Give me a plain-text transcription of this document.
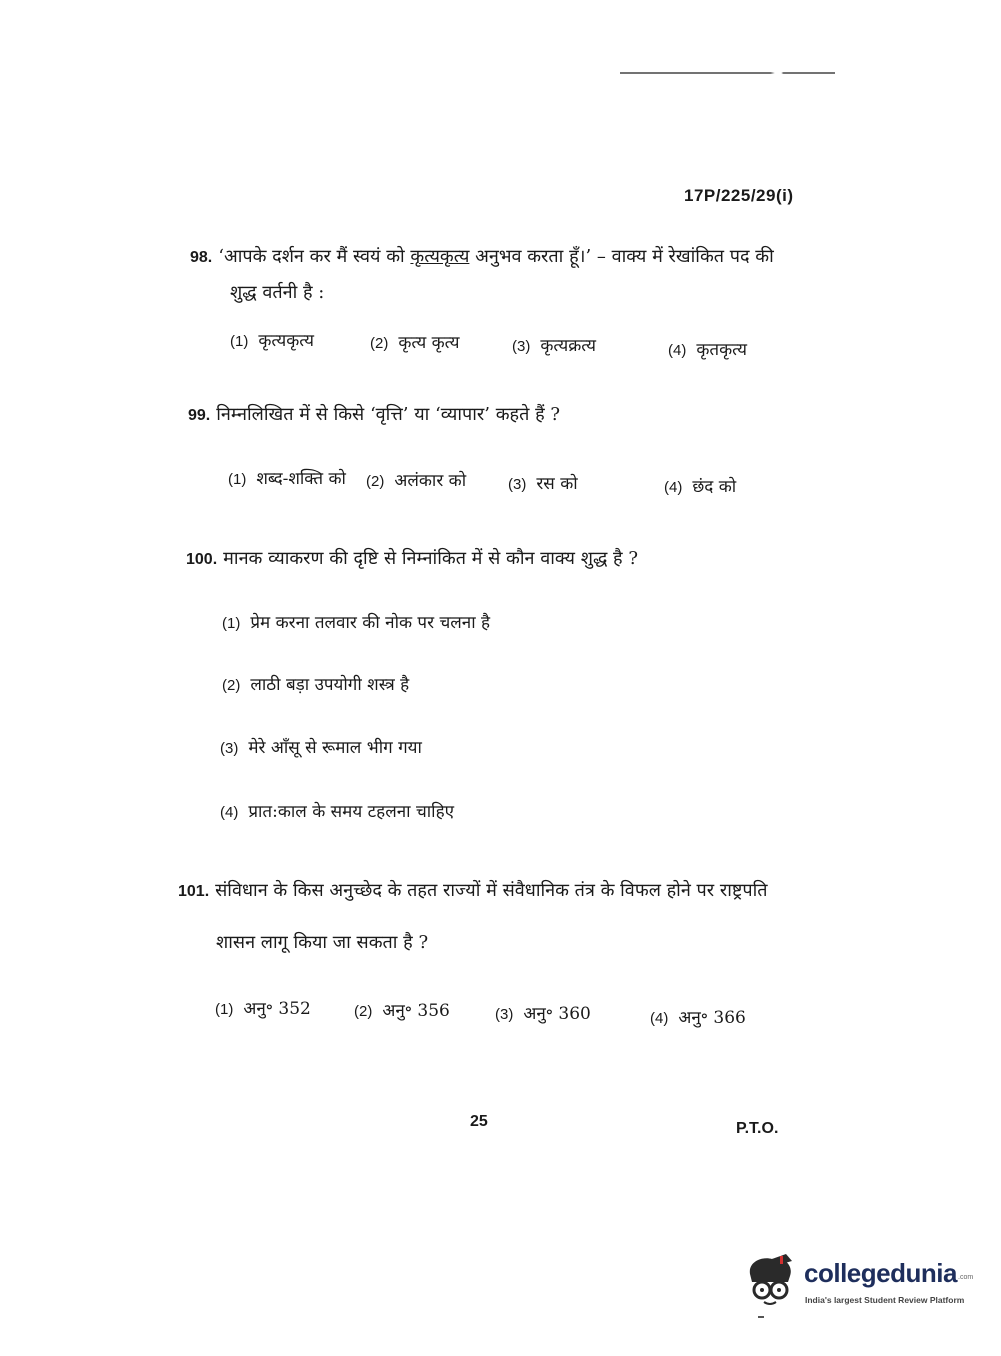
17P/225/29(i)
98. ‘आपके दर्शन कर मैं स्वयं को कृत्यकृत्य अनुभव करता हूँ।’ – वाक्य में रेखांकित पद की
शुद्ध वर्तनी है :
(1) कृत्यकृत्य	(2) कृत्य कृत्य	(3) कृत्यक्रत्य	(4) कृतकृत्य
99. निम्नलिखित में से किसे ‘वृत्ति’ या ‘व्यापार’ कहते हैं ?
(1) शब्द-शक्ति को (2) अलंकार को	(3) रस को	(4) छंद को
100. मानक व्याकरण की दृष्टि से निम्नांकित में से कौन वाक्य शुद्ध है ?
(1) प्रेम करना तलवार की नोक पर चलना है
(2) लाठी बड़ा उपयोगी शस्त्र है
(3) मेरे आँसू से रूमाल भीग गया
(4) प्रात:काल के समय टहलना चाहिए
101. संविधान के किस अनुच्छेद के तहत राज्यों में संवैधानिक तंत्र के विफल होने पर राष्ट्रपति
शासन लागू किया जा सकता है ?
(1) अनु॰ 352	(2) अनु॰ 356	(3) अनु॰ 360	(4) अनु॰ 366
25	P.T.O.
collegedunia .com
India's largest Student Review Platform
